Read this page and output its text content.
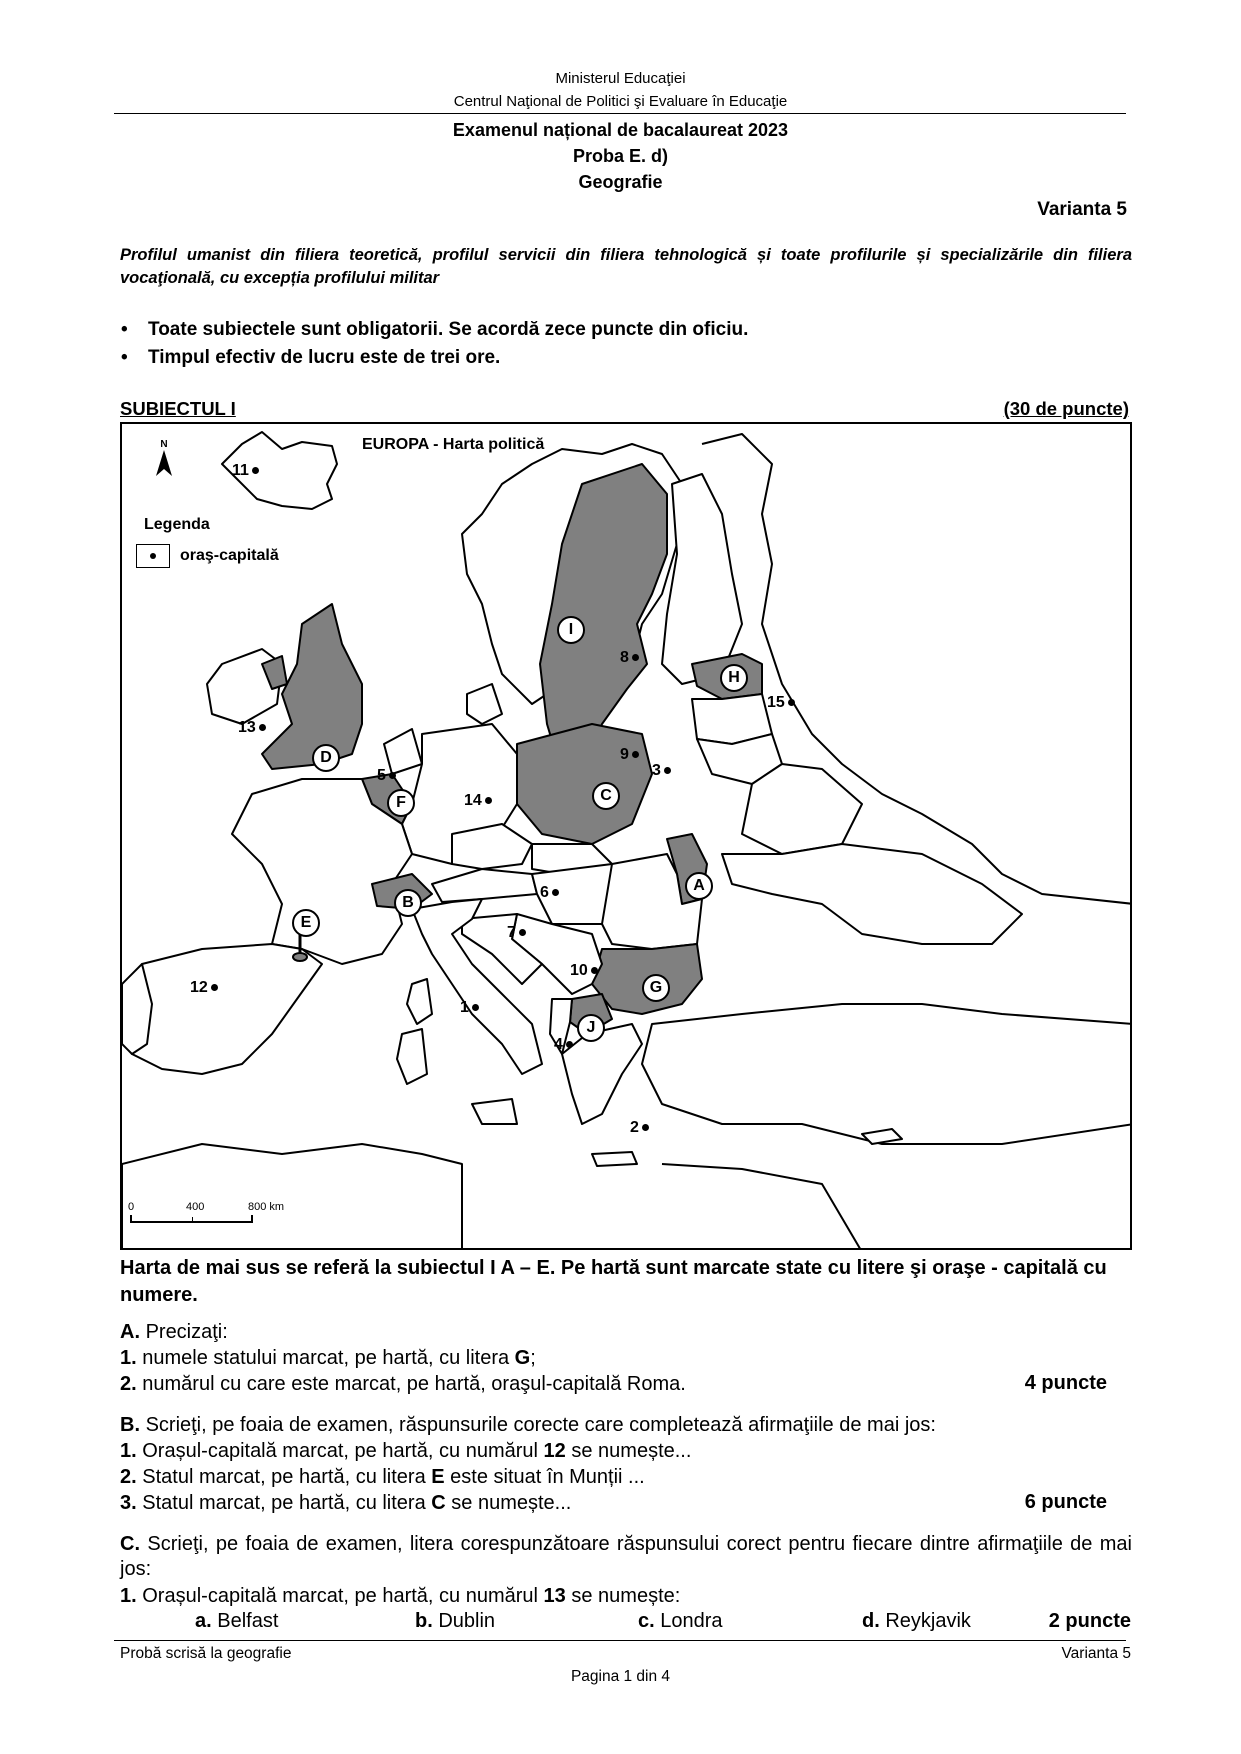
Ministerul Educaţiei
Centrul Naţional de Politici şi Evaluare în Educaţie
Examenul național de bacalaureat 2023
Proba E. d)
Geografie
Varianta 5
Profilul umanist din filiera teoretică, profilul servicii din filiera tehnologică și toate profilurile și specializările din filiera vocaţională, cu excepția profilului militar
• Toate subiectele sunt obligatorii. Se acordă zece puncte din oficiu.
• Timpul efectiv de lucru este de trei ore.
SUBIECTUL I	(30 de puncte)
EUROPA - Harta politică
N
Legenda
oraş-capitală
I
H
C
D
F
B
E
A
G
J
11
8
15
13
9
3
5
14
6
7
10
12
1
4
2
0	400	800 km
Harta de mai sus se referă la subiectul I A – E. Pe hartă sunt marcate state cu litere şi oraşe - capitală cu numere.
A. Precizaţi:
1. numele statului marcat, pe hartă, cu litera G;
2. numărul cu care este marcat, pe hartă, oraşul-capitală Roma.	4 puncte
B. Scrieţi, pe foaia de examen, răspunsurile corecte care completează afirmaţiile de mai jos:
1. Orașul-capitală marcat, pe hartă, cu numărul 12 se numește...
2. Statul marcat, pe hartă, cu litera E este situat în Munții ...
3. Statul marcat, pe hartă, cu litera C se numește...	6 puncte
C. Scrieţi, pe foaia de examen, litera corespunzătoare răspunsului corect pentru fiecare dintre afirmaţiile de mai jos:
1. Orașul-capitală marcat, pe hartă, cu numărul 13 se numește:
a. Belfast	b. Dublin	c. Londra	d. Reykjavik	2 puncte
Probă scrisă la geografie	Varianta 5
Pagina 1 din 4
